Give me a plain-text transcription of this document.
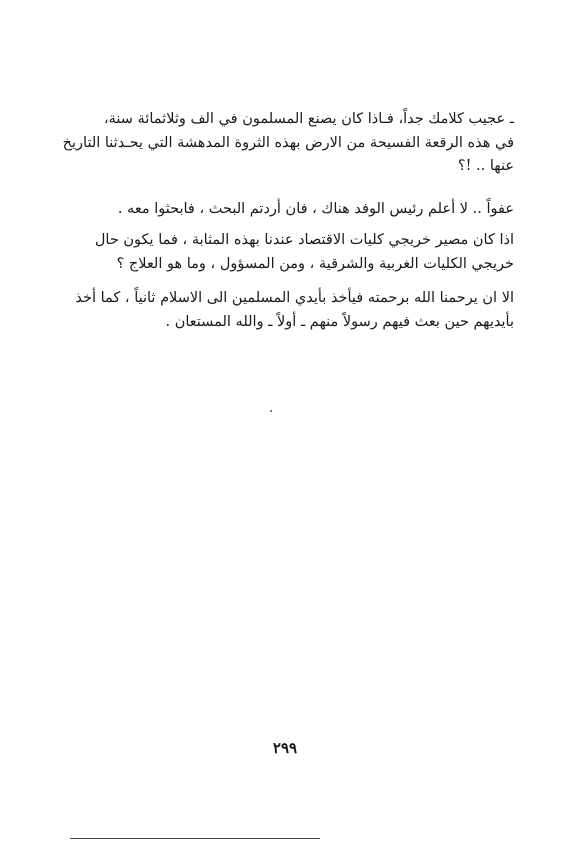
ـ عجيب كلامك جداً، فـاذا كان يصنع المسلمون في الف وثلاثمائة سنة،
في هذه الرقعة الفسيحة من الارض بهذه الثروة المدهشة التي يحـدثنا التاريخ
عنها .. !؟
عفواً .. لا أعلم رئيس الوفد هناك ، فان أردتم البحث ، فابحثوا معه .
اذا كان مصير خريجي كليات الاقتصاد عندنا بهذه المثابة ، فما يكون حال
خريجي الكليات الغربية والشرقية ، ومن المسؤول ، وما هو العلاج ؟
الا ان يرحمنا الله برحمته فيأخذ بأيدي المسلمين الى الاسلام ثانياً ، كما أخذ
بأيديهم حين بعث فيهم رسولاً منهم ـ أولاً ـ والله المستعان .
٢٩٩
